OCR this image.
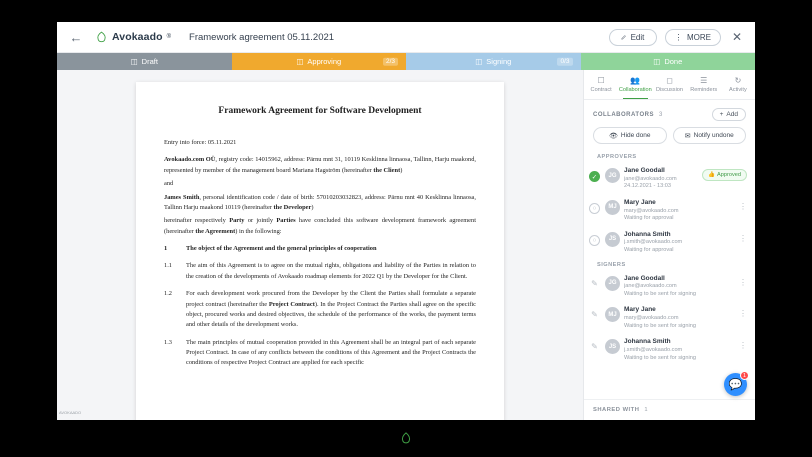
←	Avokaado ® Framework agreement 05.11.2021	Edit	⋮ MORE ✕
◫ Draft	◫ Approving	2/3	◫ Signing	0/3	◫ Done
Framework Agreement for Software Development

Entry into force: 05.11.2021

Avokaado.com OÜ, registry code: 14015962, address: Pärnu mnt 31, 10119 Kesklinna linnaosa, Tallinn, Harju maakond, represented by member of the management board Mariana Hagström (hereinafter the Client)

and

James Smith, personal identification code / date of birth: 57010203032823, address: Pärnu mnt 40 Kesklinna linnaosa, Tallinn Harju maakond 10119 (hereinafter the Developer)

hereinafter respectively Party or jointly Parties have concluded this software development framework agreement (hereinafter the Agreement) in the following:

1	The object of the Agreement and the general principles of cooperation
1.1	The aim of this Agreement is to agree on the mutual rights, obligations and liability of the Parties in relation to the creation of the developments of Avokaado roadmap elements for 2022 Q1 by the Developer for the Client.
1.2	For each development work procured from the Developer by the Client the Parties shall formulate a separate project contract (hereinafter the Project Contract). In the Project Contract the Parties shall agree on the specific object, procured works and desired objectives, the schedule of the performance of the works, the payment terms and other details of the development works.
1.3	The main principles of mutual cooperation provided in this Agreement shall be an integral part of each separate Project Contract. In case of any conflicts between the conditions of this Agreement and the Project Contracts the conditions of respective Project Contract are applied for each specific
AVOKAADO
☐
Contract
👥
Collaboration
◻
Discussion
☰
Reminders
↻
Activity
COLLABORATORS 3	+ Add
👁 Hide done	✉ Notify undone
APPROVERS
✓	JG
Jane Goodall
jane@avokaado.com
24.12.2021 - 13:03
👍 Approved
○	MJ
Mary Jane
mary@avokaado.com
Waiting for approval
⋮
○	JS
Johanna Smith
j.smith@avokaado.com
Waiting for approval
⋮
SIGNERS
✎	JG
Jane Goodall
jane@avokaado.com
Waiting to be sent for signing
⋮
✎	MJ
Mary Jane
mary@avokaado.com
Waiting to be sent for signing
⋮
✎	JS
Johanna Smith
j.smith@avokaado.com
Waiting to be sent for signing
⋮
SHARED WITH 1
💬
1
